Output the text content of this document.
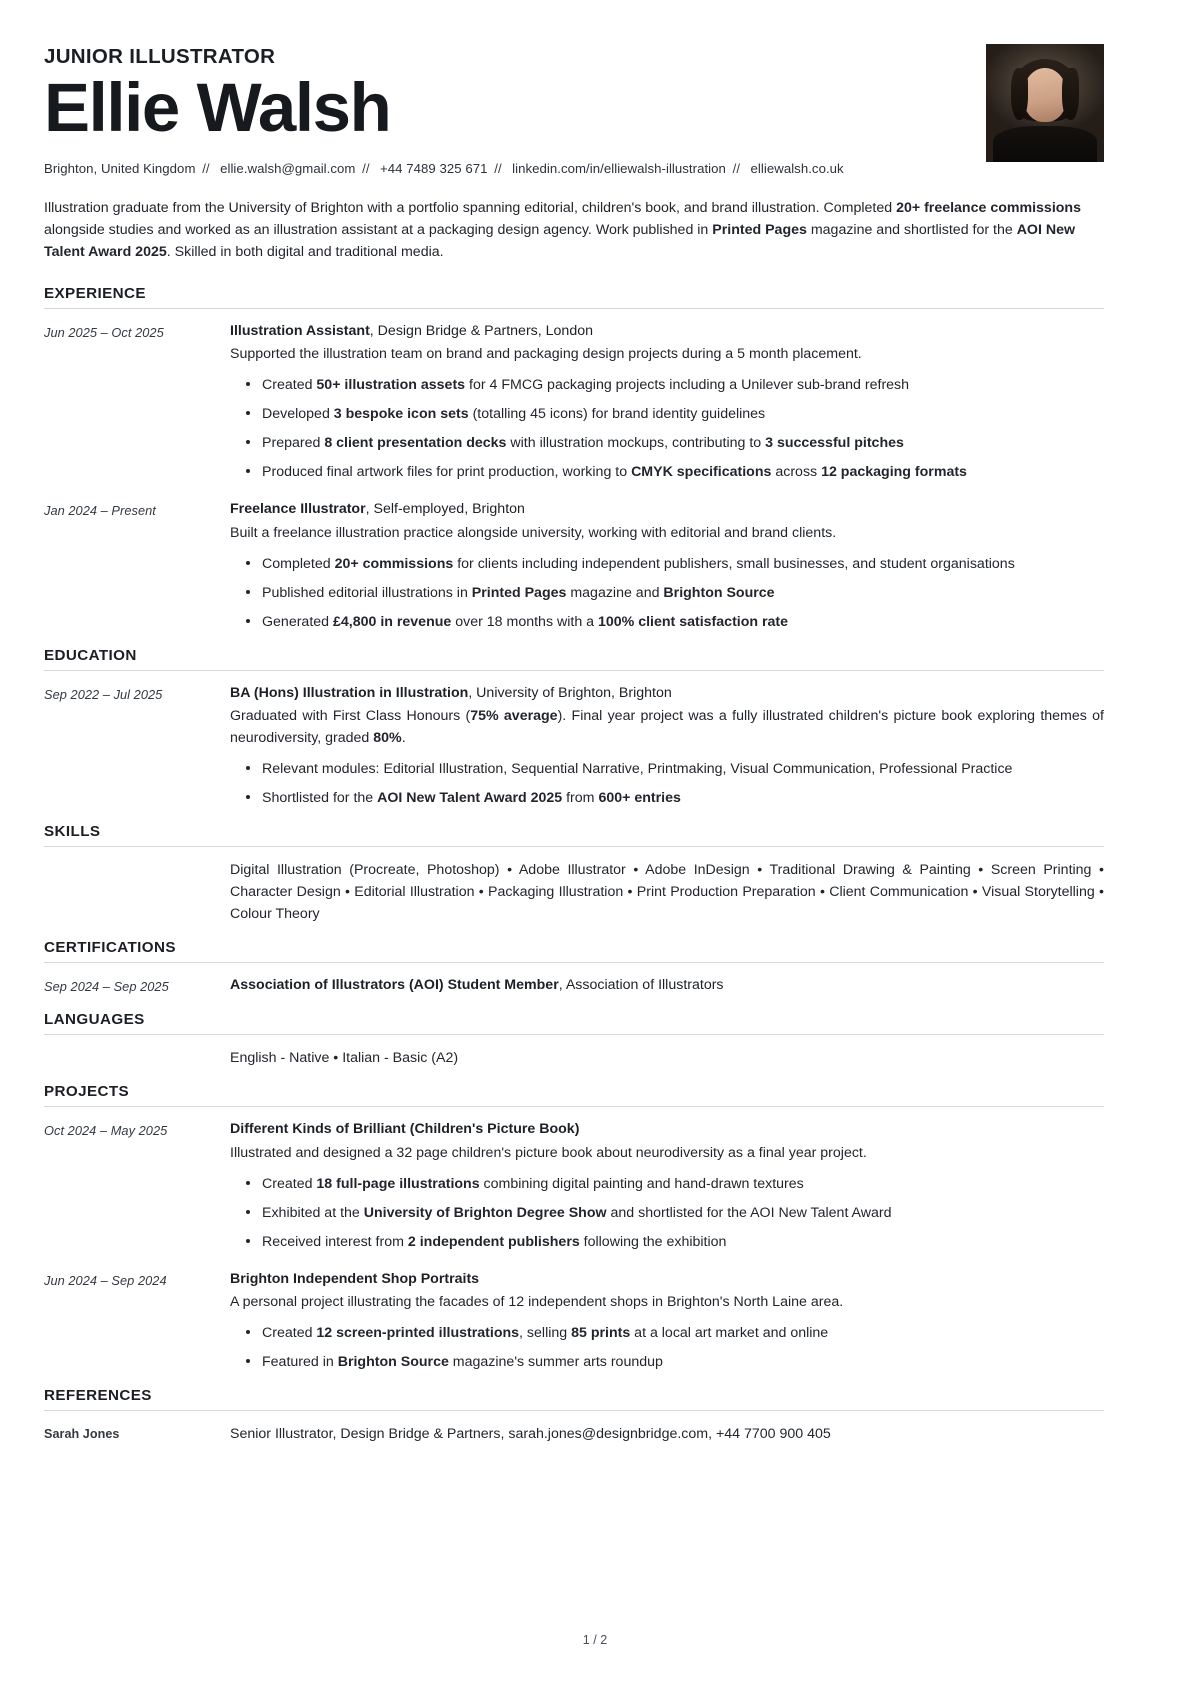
JUNIOR ILLUSTRATOR
Ellie Walsh
Brighton, United Kingdom // ellie.walsh@gmail.com // +44 7489 325 671 // linkedin.com/in/elliewalsh-illustration // elliewalsh.co.uk
Illustration graduate from the University of Brighton with a portfolio spanning editorial, children's book, and brand illustration. Completed 20+ freelance commissions alongside studies and worked as an illustration assistant at a packaging design agency. Work published in Printed Pages magazine and shortlisted for the AOI New Talent Award 2025. Skilled in both digital and traditional media.
EXPERIENCE
Jun 2025 – Oct 2025	Illustration Assistant, Design Bridge & Partners, London
Supported the illustration team on brand and packaging design projects during a 5 month placement.
Created 50+ illustration assets for 4 FMCG packaging projects including a Unilever sub-brand refresh
Developed 3 bespoke icon sets (totalling 45 icons) for brand identity guidelines
Prepared 8 client presentation decks with illustration mockups, contributing to 3 successful pitches
Produced final artwork files for print production, working to CMYK specifications across 12 packaging formats
Jan 2024 – Present	Freelance Illustrator, Self-employed, Brighton
Built a freelance illustration practice alongside university, working with editorial and brand clients.
Completed 20+ commissions for clients including independent publishers, small businesses, and student organisations
Published editorial illustrations in Printed Pages magazine and Brighton Source
Generated £4,800 in revenue over 18 months with a 100% client satisfaction rate
EDUCATION
Sep 2022 – Jul 2025	BA (Hons) Illustration in Illustration, University of Brighton, Brighton
Graduated with First Class Honours (75% average). Final year project was a fully illustrated children's picture book exploring themes of neurodiversity, graded 80%.
Relevant modules: Editorial Illustration, Sequential Narrative, Printmaking, Visual Communication, Professional Practice
Shortlisted for the AOI New Talent Award 2025 from 600+ entries
SKILLS
Digital Illustration (Procreate, Photoshop) • Adobe Illustrator • Adobe InDesign • Traditional Drawing & Painting • Screen Printing • Character Design • Editorial Illustration • Packaging Illustration • Print Production Preparation • Client Communication • Visual Storytelling • Colour Theory
CERTIFICATIONS
Sep 2024 – Sep 2025	Association of Illustrators (AOI) Student Member, Association of Illustrators
LANGUAGES
English - Native • Italian - Basic (A2)
PROJECTS
Oct 2024 – May 2025	Different Kinds of Brilliant (Children's Picture Book)
Illustrated and designed a 32 page children's picture book about neurodiversity as a final year project.
Created 18 full-page illustrations combining digital painting and hand-drawn textures
Exhibited at the University of Brighton Degree Show and shortlisted for the AOI New Talent Award
Received interest from 2 independent publishers following the exhibition
Jun 2024 – Sep 2024	Brighton Independent Shop Portraits
A personal project illustrating the facades of 12 independent shops in Brighton's North Laine area.
Created 12 screen-printed illustrations, selling 85 prints at a local art market and online
Featured in Brighton Source magazine's summer arts roundup
REFERENCES
Sarah Jones	Senior Illustrator, Design Bridge & Partners, sarah.jones@designbridge.com, +44 7700 900 405
1 / 2
